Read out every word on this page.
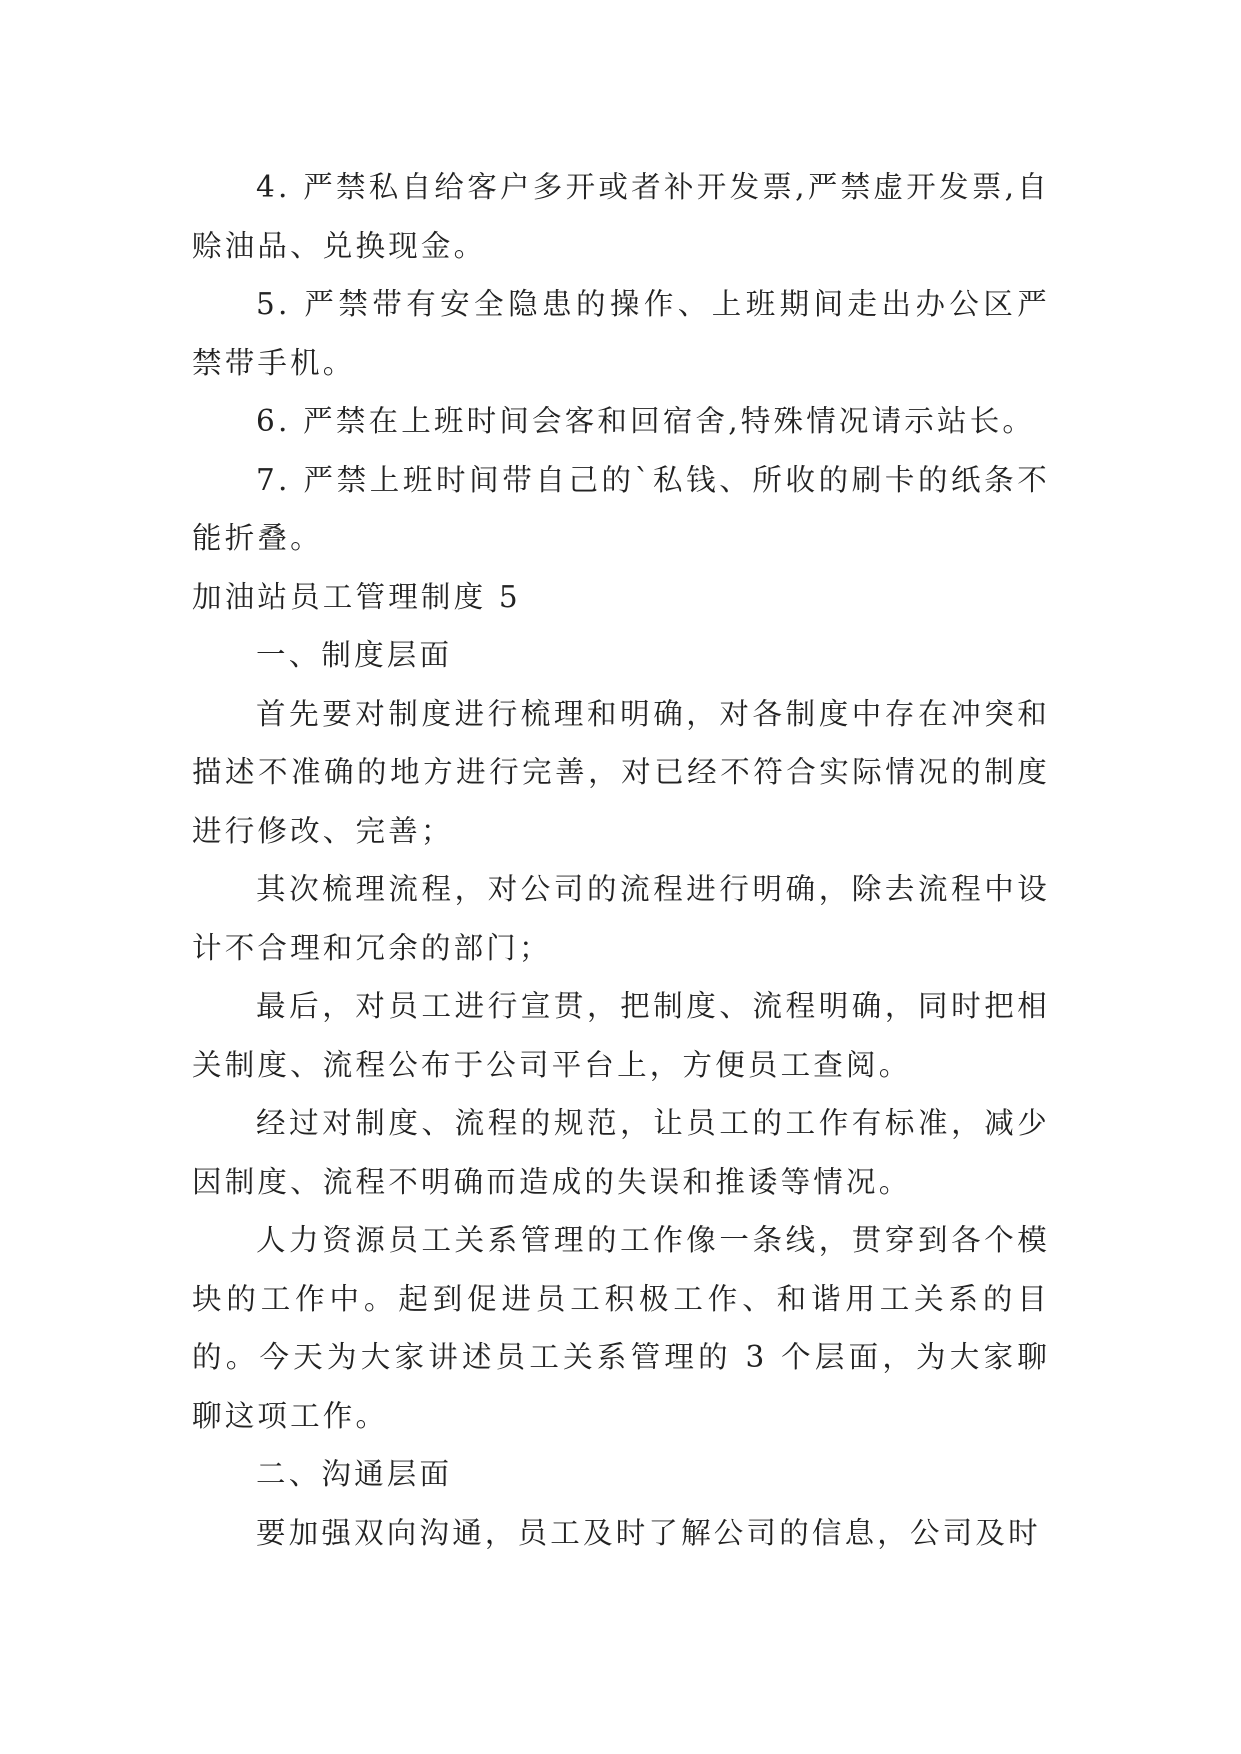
4. 严禁私自给客户多开或者补开发票,严禁虚开发票,自赊油品、兑换现金。

5. 严禁带有安全隐患的操作、上班期间走出办公区严禁带手机。

6. 严禁在上班时间会客和回宿舍,特殊情况请示站长。

7. 严禁上班时间带自己的`私钱、所收的刷卡的纸条不能折叠。

加油站员工管理制度 5

一、制度层面

首先要对制度进行梳理和明确，对各制度中存在冲突和描述不准确的地方进行完善，对已经不符合实际情况的制度进行修改、完善；

其次梳理流程，对公司的流程进行明确，除去流程中设计不合理和冗余的部门；

最后，对员工进行宣贯，把制度、流程明确，同时把相关制度、流程公布于公司平台上，方便员工查阅。

经过对制度、流程的规范，让员工的工作有标准，减少因制度、流程不明确而造成的失误和推诿等情况。

人力资源员工关系管理的工作像一条线，贯穿到各个模块的工作中。起到促进员工积极工作、和谐用工关系的目的。今天为大家讲述员工关系管理的 3 个层面，为大家聊聊这项工作。

二、沟通层面

要加强双向沟通，员工及时了解公司的信息，公司及时
